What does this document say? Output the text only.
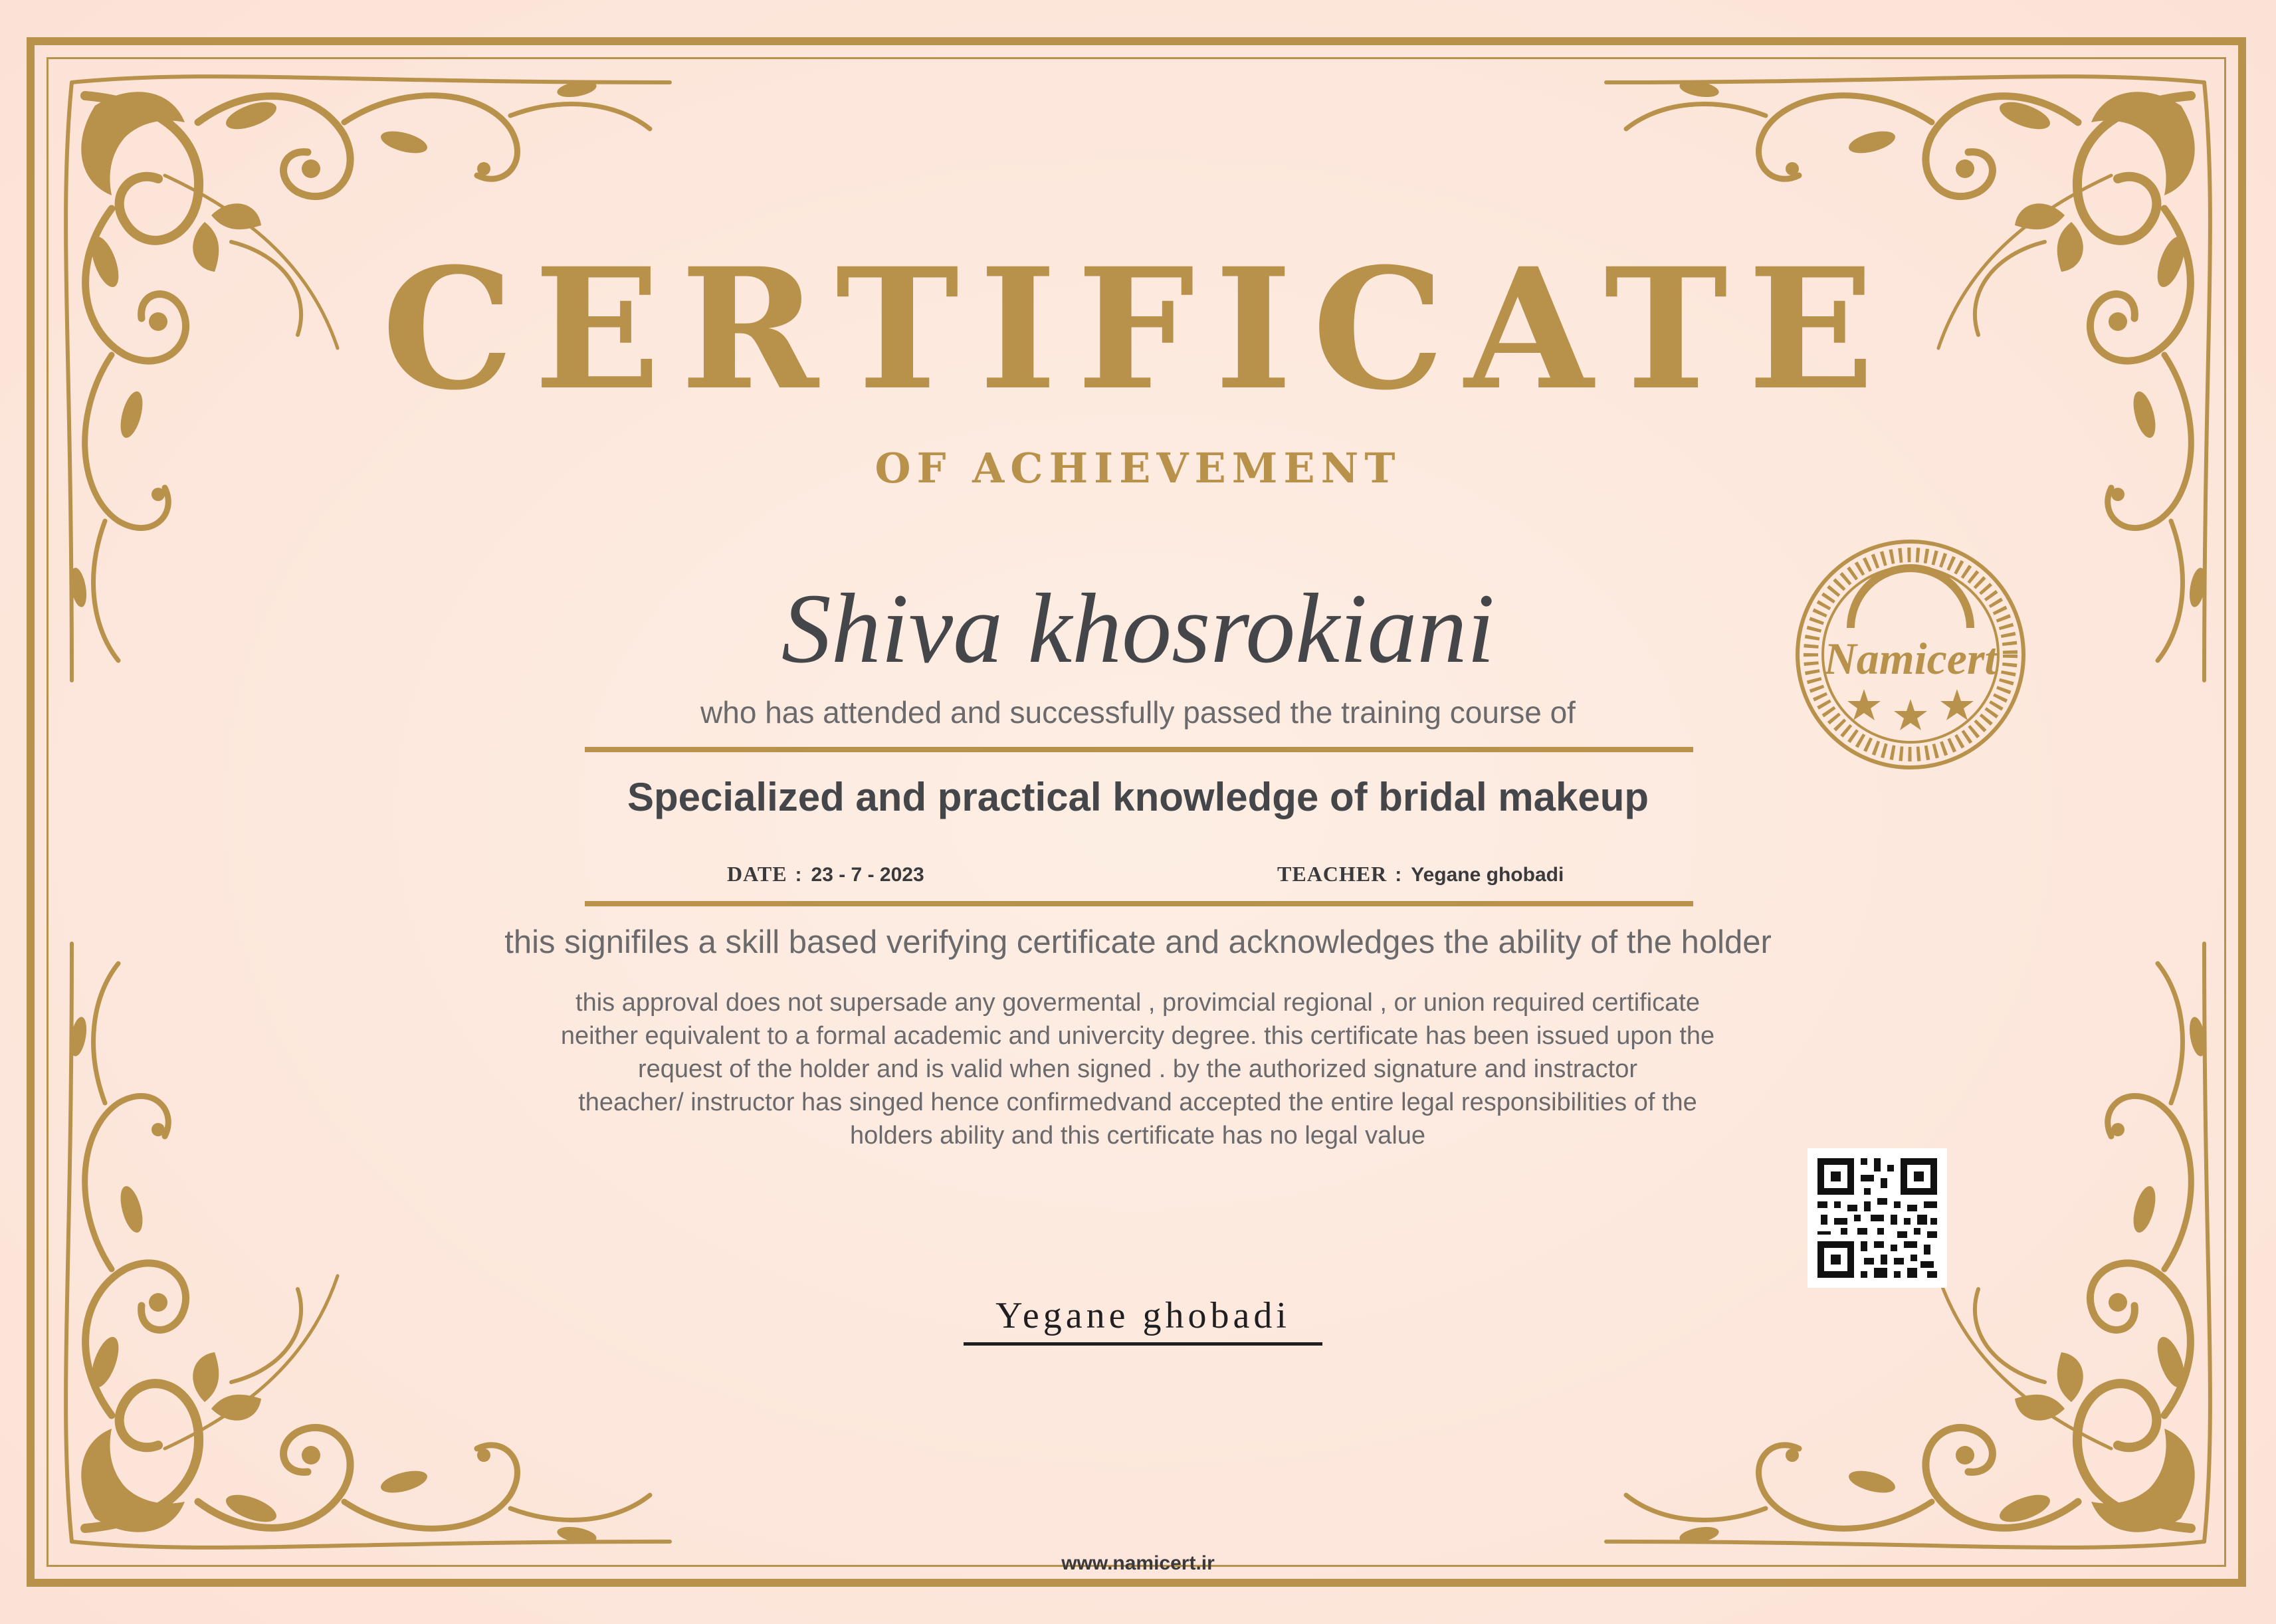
CERTIFICATE
OF ACHIEVEMENT
Shiva khosrokiani
who has attended and successfully passed the training course of
Specialized and practical knowledge of bridal makeup
DATE : 23 - 7 - 2023	TEACHER : Yegane ghobadi
this signifiles a skill based verifying certificate and acknowledges the ability of the holder
this approval does not supersade any govermental , provimcial regional , or union required certificate
neither equivalent to a formal academic and univercity degree. this certificate has been issued upon the
request of the holder and is valid when signed . by the authorized signature and instractor
theacher/ instructor has singed hence confirmedvand accepted the entire legal responsibilities of the
holders ability and this certificate has no legal value
Namicert
Yegane ghobadi
www.namicert.ir
